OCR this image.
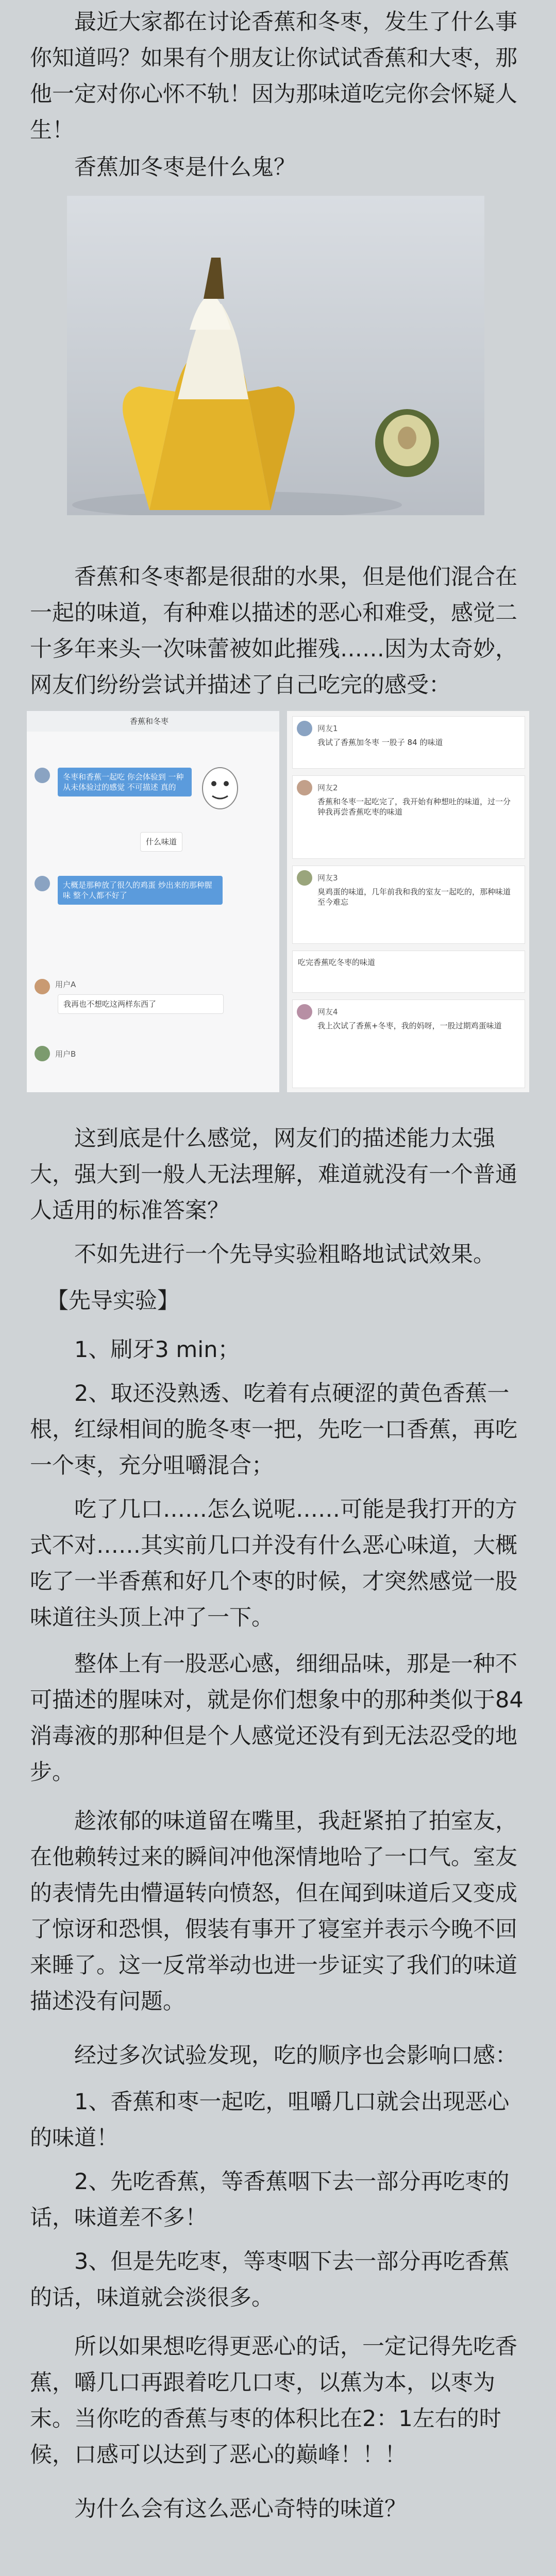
最近大家都在讨论香蕉和冬枣，发生了什么事你知道吗？如果有个朋友让你试试香蕉和大枣，那他一定对你心怀不轨！因为那味道吃完你会怀疑人生！

香蕉加冬枣是什么鬼？

香蕉和冬枣都是很甜的水果，但是他们混合在一起的味道，有种难以描述的恶心和难受，感觉二十多年来头一次味蕾被如此摧残……因为太奇妙，网友们纷纷尝试并描述了自己吃完的感受：

香蕉和冬枣
冬枣和香蕉一起吃 你会体验到 一种从未体验过的感觉 不可描述 真的
什么味道
大概是那种放了很久的鸡蛋 炒出来的那种腥味 整个人都不好了
用户A
我再也不想吃这两样东西了
用户B
网友1
我试了香蕉加冬枣 一股子 84 的味道
网友2
香蕉和冬枣一起吃完了，我开始有种想吐的味道，过一分钟我再尝香蕉吃枣的味道
网友3
臭鸡蛋的味道，几年前我和我的室友一起吃的，那种味道至今难忘
吃完香蕉吃冬枣的味道
网友4
我上次试了香蕉+冬枣，我的妈呀，一股过期鸡蛋味道

这到底是什么感觉，网友们的描述能力太强大，强大到一般人无法理解，难道就没有一个普通人适用的标准答案？

不如先进行一个先导实验粗略地试试效果。

【先导实验】

1、刷牙3 min；

2、取还没熟透、吃着有点硬涩的黄色香蕉一根，红绿相间的脆冬枣一把，先吃一口香蕉，再吃一个枣，充分咀嚼混合；

吃了几口……怎么说呢……可能是我打开的方式不对……其实前几口并没有什么恶心味道，大概吃了一半香蕉和好几个枣的时候，才突然感觉一股味道往头顶上冲了一下。

整体上有一股恶心感，细细品味，那是一种不可描述的腥味对，就是你们想象中的那种类似于84消毒液的那种但是个人感觉还没有到无法忍受的地步。

趁浓郁的味道留在嘴里，我赶紧拍了拍室友，在他赖转过来的瞬间冲他深情地哈了一口气。室友的表情先由懵逼转向愤怒，但在闻到味道后又变成了惊讶和恐惧，假装有事开了寝室并表示今晚不回来睡了。这一反常举动也进一步证实了我们的味道描述没有问题。

经过多次试验发现，吃的顺序也会影响口感：

1、香蕉和枣一起吃，咀嚼几口就会出现恶心的味道！

2、先吃香蕉，等香蕉咽下去一部分再吃枣的话，味道差不多！

3、但是先吃枣，等枣咽下去一部分再吃香蕉的话，味道就会淡很多。

所以如果想吃得更恶心的话，一定记得先吃香蕉，嚼几口再跟着吃几口枣，以蕉为本，以枣为末。当你吃的香蕉与枣的体积比在2：1左右的时候，口感可以达到了恶心的巅峰！！！

为什么会有这么恶心奇特的味道？
